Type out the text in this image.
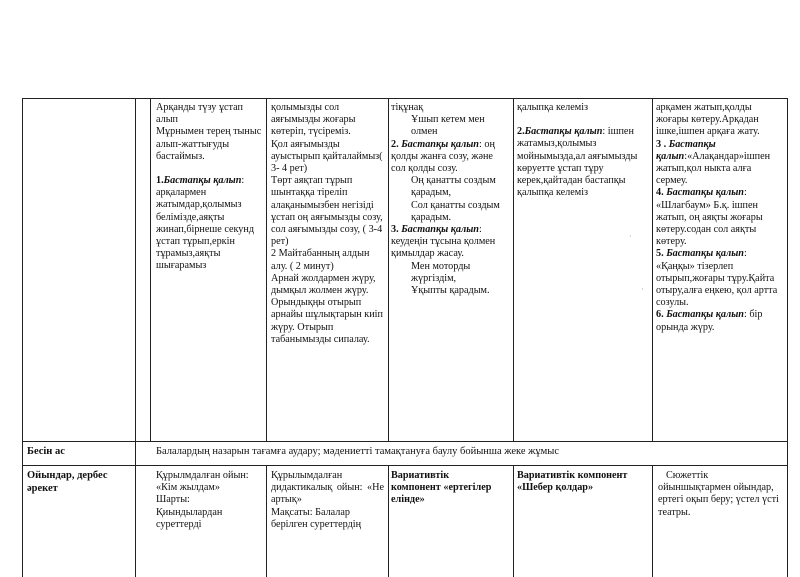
Арқанды түзу ұстап алып

Мұрнымен терең тыныс алып-жаттығуды бастаймыз.

1.Бастапқы қалып: арқалармен жатымдар,қолымыз белімізде,аяқты жинап,бірнеше секунд ұстап тұрып,еркін тұрамыз,аяқты шығарамыз

қолымызды сол аяғымызды жоғары көтеріп, түсіреміз.

Қол аяғымызды ауыстырып қайталаймыз( 3- 4 рет)

Төрт аяқтап тұрып шынтаққа тіреліп алақанымызбен негізіді ұстап оң аяғымызды созу, сол аяғымызды созу, ( 3-4 рет)

2 Майтабанның алдын алу. ( 2 минут)

Арнай жолдармен жүру, дымқыл жолмен жүру.

Орындықңы отырып арнайы шұлықтарын киіп жүру. Отырып табанымызды сипалау.

тіқұнақ

Ұшып кетем мен олмен

2. Бастапқы қалып: оң қолды жанға созу, және сол қолды созу.

Оң қанатты создым қарадым,

Сол қанатты создым қарадым.

3. Бастапқы қалып: кеудеңін тұсына қолмен қимылдар жасау.

Мен моторды жүргіздім,

Ұқыпты қарадым.

қалыпқа келеміз

2.Бастапқы қалып: ішпен жатамыз,қолымыз мойнымызда,ал аяғымызды көруетте ұстап тұру керек,қайтадан бастапқы қалыпқа келеміз

арқамен жатып,қолды жоғары көтеру.Арқадан ішке,ішпен арқаға жату.

3 . Бастапқы қалып:«Алақандар»ішпен жатып,қол ныкта алға сермеу.

4. Бастапқы қалып: «Шлагбаум» Б.қ. ішпен жатып, оң аяқты жоғары көтеру.содан сол аяқты көтеру.

5. Бастапқы қалып: «Қаңқы» тізерлеп отырып,жоғары тұру.Қайта отыру,алға еңкею, қол артта созулы.

6. Бастапқы қалып: бір орында жүру.

Бесін ас	Балалардың назарын тағамға аудару; мәдениетті тамақтануға баулу бойынша жеке жұмыс
Ойындар, дербес әрекет
Құрылмдалған ойын: «Кім жылдам»
Шарты:
Қиындылардан суреттерді
Құрылымдалған дидактикалық ойын: «Не артық»
Мақсаты: Балалар берілген суреттердің
Вариативтік компонент «ертегілер елінде»
Вариативтік компонент «Шебер қолдар»
Сюжеттік ойыншықтармен ойындар, ертегі оқып беру; үстел үсті театры.
·
·
